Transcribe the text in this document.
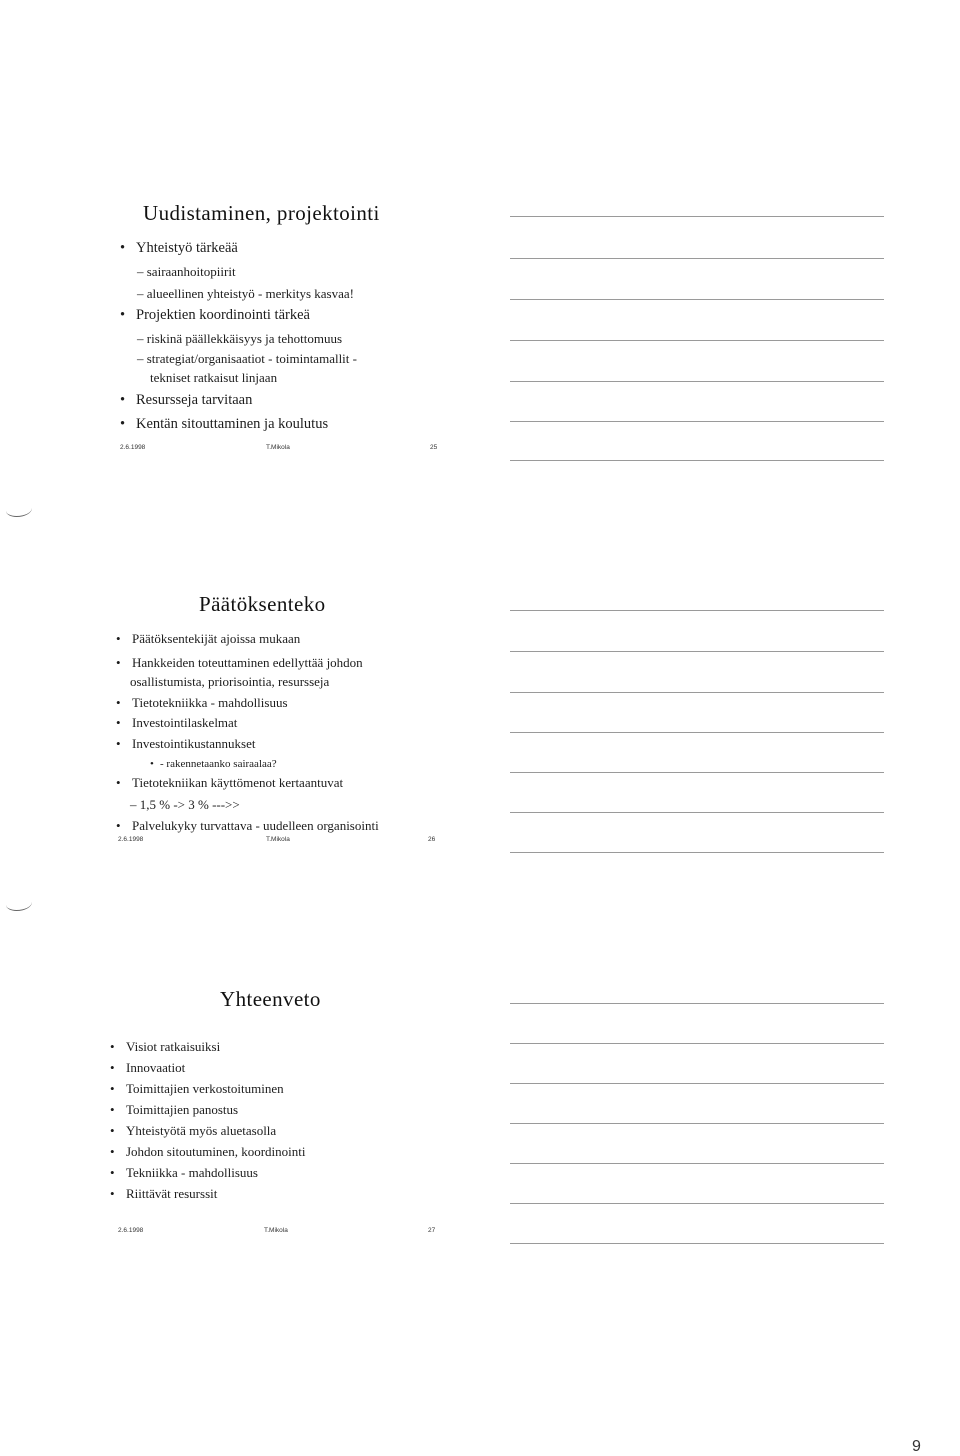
Uudistaminen, projektointi
• Yhteistyö tärkeää
– sairaanhoitopiirit
– alueellinen yhteistyö - merkitys kasvaa!
• Projektien koordinointi tärkeä
– riskinä päällekkäisyys ja tehottomuus
– strategiat/organisaatiot - toimintamallit -
tekniset ratkaisut linjaan
• Resursseja tarvitaan
• Kentän sitouttaminen ja koulutus
2.6.1998	T.Mikola	25
Päätöksenteko
• Päätöksentekijät ajoissa mukaan
• Hankkeiden toteuttaminen edellyttää johdon
osallistumista, priorisointia, resursseja
• Tietotekniikka - mahdollisuus
• Investointilaskelmat
• Investointikustannukset
• - rakennetaanko sairaalaa?
• Tietotekniikan käyttömenot kertaantuvat
– 1,5 % -> 3 % --->>
• Palvelukyky turvattava - uudelleen organisointi
2.6.1998	T.Mikola	26
Yhteenveto
• Visiot ratkaisuiksi
• Innovaatiot
• Toimittajien verkostoituminen
• Toimittajien panostus
• Yhteistyötä myös aluetasolla
• Johdon sitoutuminen, koordinointi
• Tekniikka - mahdollisuus
• Riittävät resurssit
2.6.1998	T.Mikola	27
9
